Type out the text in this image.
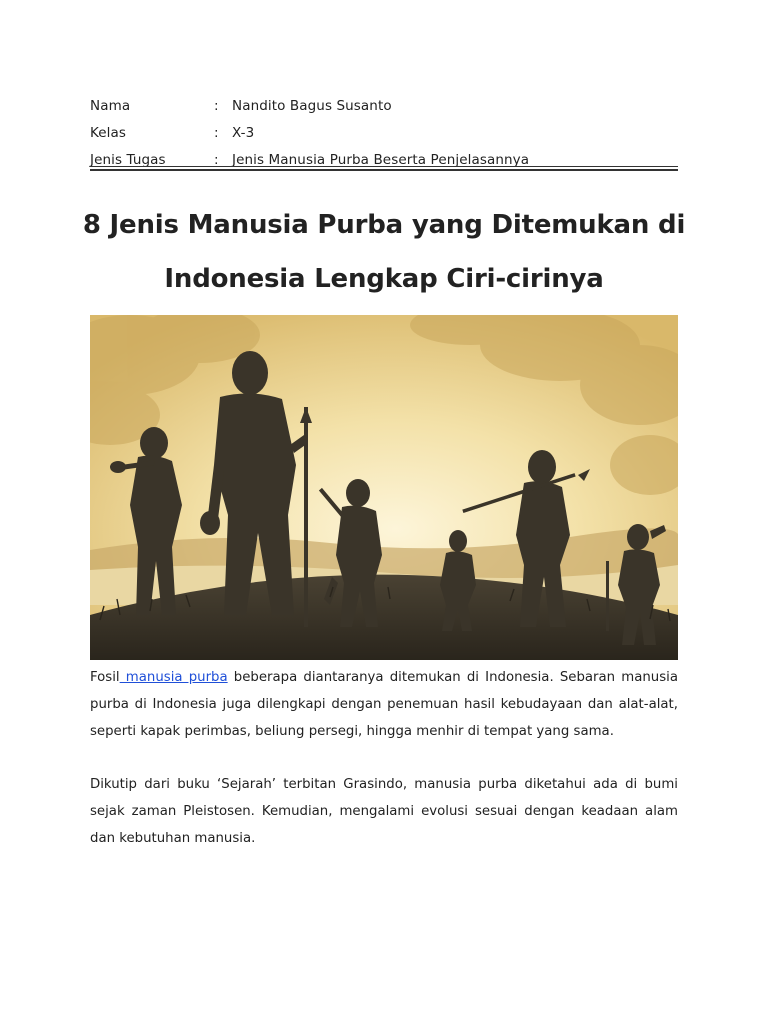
Nama	: Nandito Bagus Susanto
Kelas	: X-3
Jenis Tugas	: Jenis Manusia Purba Beserta Penjelasannya
8 Jenis Manusia Purba yang Ditemukan di
Indonesia Lengkap Ciri-cirinya

Fosil manusia purba beberapa diantaranya ditemukan di Indonesia. Sebaran manusia purba di Indonesia juga dilengkapi dengan penemuan hasil kebudayaan dan alat-alat, seperti kapak perimbas, beliung persegi, hingga menhir di tempat yang sama.

Dikutip dari buku ‘Sejarah’ terbitan Grasindo, manusia purba diketahui ada di bumi sejak zaman Pleistosen. Kemudian, mengalami evolusi sesuai dengan keadaan alam dan kebutuhan manusia.
